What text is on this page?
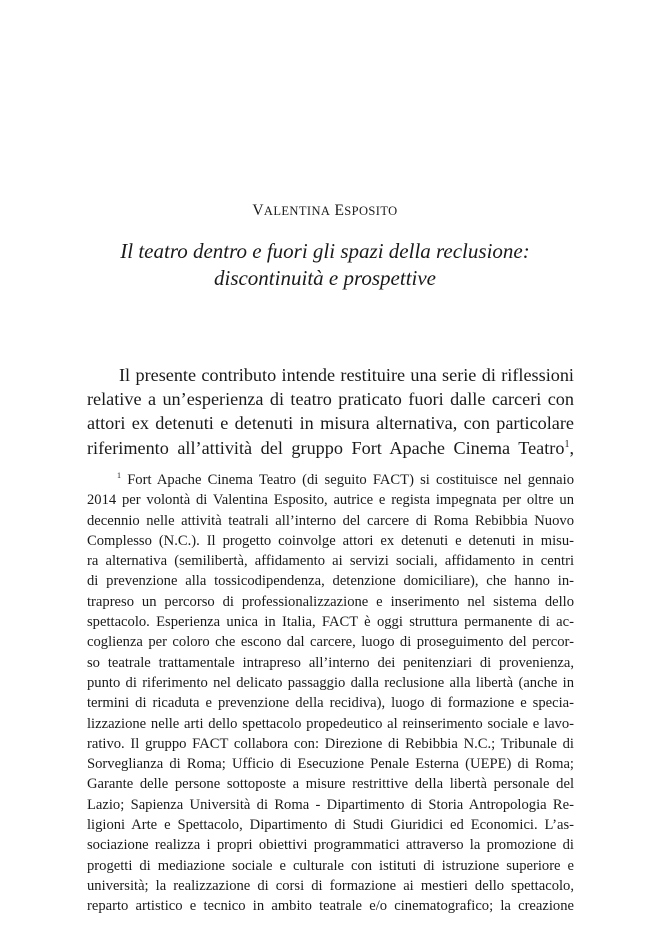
VALENTINA ESPOSITO
Il teatro dentro e fuori gli spazi della reclusione:
discontinuità e prospettive
Il presente contributo intende restituire una serie di riflessioni
relative a un’esperienza di teatro praticato fuori dalle carceri con
attori ex detenuti e detenuti in misura alternativa, con particolare
riferimento all’attività del gruppo Fort Apache Cinema Teatro$^1$,
$^1$ Fort Apache Cinema Teatro (di seguito FACT) si costituisce nel gennaio
2014 per volontà di Valentina Esposito, autrice e regista impegnata per oltre un
decennio nelle attività teatrali all’interno del carcere di Roma Rebibbia Nuovo
Complesso (N.C.). Il progetto coinvolge attori ex detenuti e detenuti in misu-
ra alternativa (semilibertà, affidamento ai servizi sociali, affidamento in centri
di prevenzione alla tossicodipendenza, detenzione domiciliare), che hanno in-
trapreso un percorso di professionalizzazione e inserimento nel sistema dello
spettacolo. Esperienza unica in Italia, FACT è oggi struttura permanente di ac-
coglienza per coloro che escono dal carcere, luogo di proseguimento del percor-
so teatrale trattamentale intrapreso all’interno dei penitenziari di provenienza,
punto di riferimento nel delicato passaggio dalla reclusione alla libertà (anche in
termini di ricaduta e prevenzione della recidiva), luogo di formazione e specia-
lizzazione nelle arti dello spettacolo propedeutico al reinserimento sociale e lavo-
rativo. Il gruppo FACT collabora con: Direzione di Rebibbia N.C.; Tribunale di
Sorveglianza di Roma; Ufficio di Esecuzione Penale Esterna (UEPE) di Roma;
Garante delle persone sottoposte a misure restrittive della libertà personale del
Lazio; Sapienza Università di Roma - Dipartimento di Storia Antropologia Re-
ligioni Arte e Spettacolo, Dipartimento di Studi Giuridici ed Economici. L’as-
sociazione realizza i propri obiettivi programmatici attraverso la promozione di
progetti di mediazione sociale e culturale con istituti di istruzione superiore e
università; la realizzazione di corsi di formazione ai mestieri dello spettacolo,
reparto artistico e tecnico in ambito teatrale e/o cinematografico; la creazione
